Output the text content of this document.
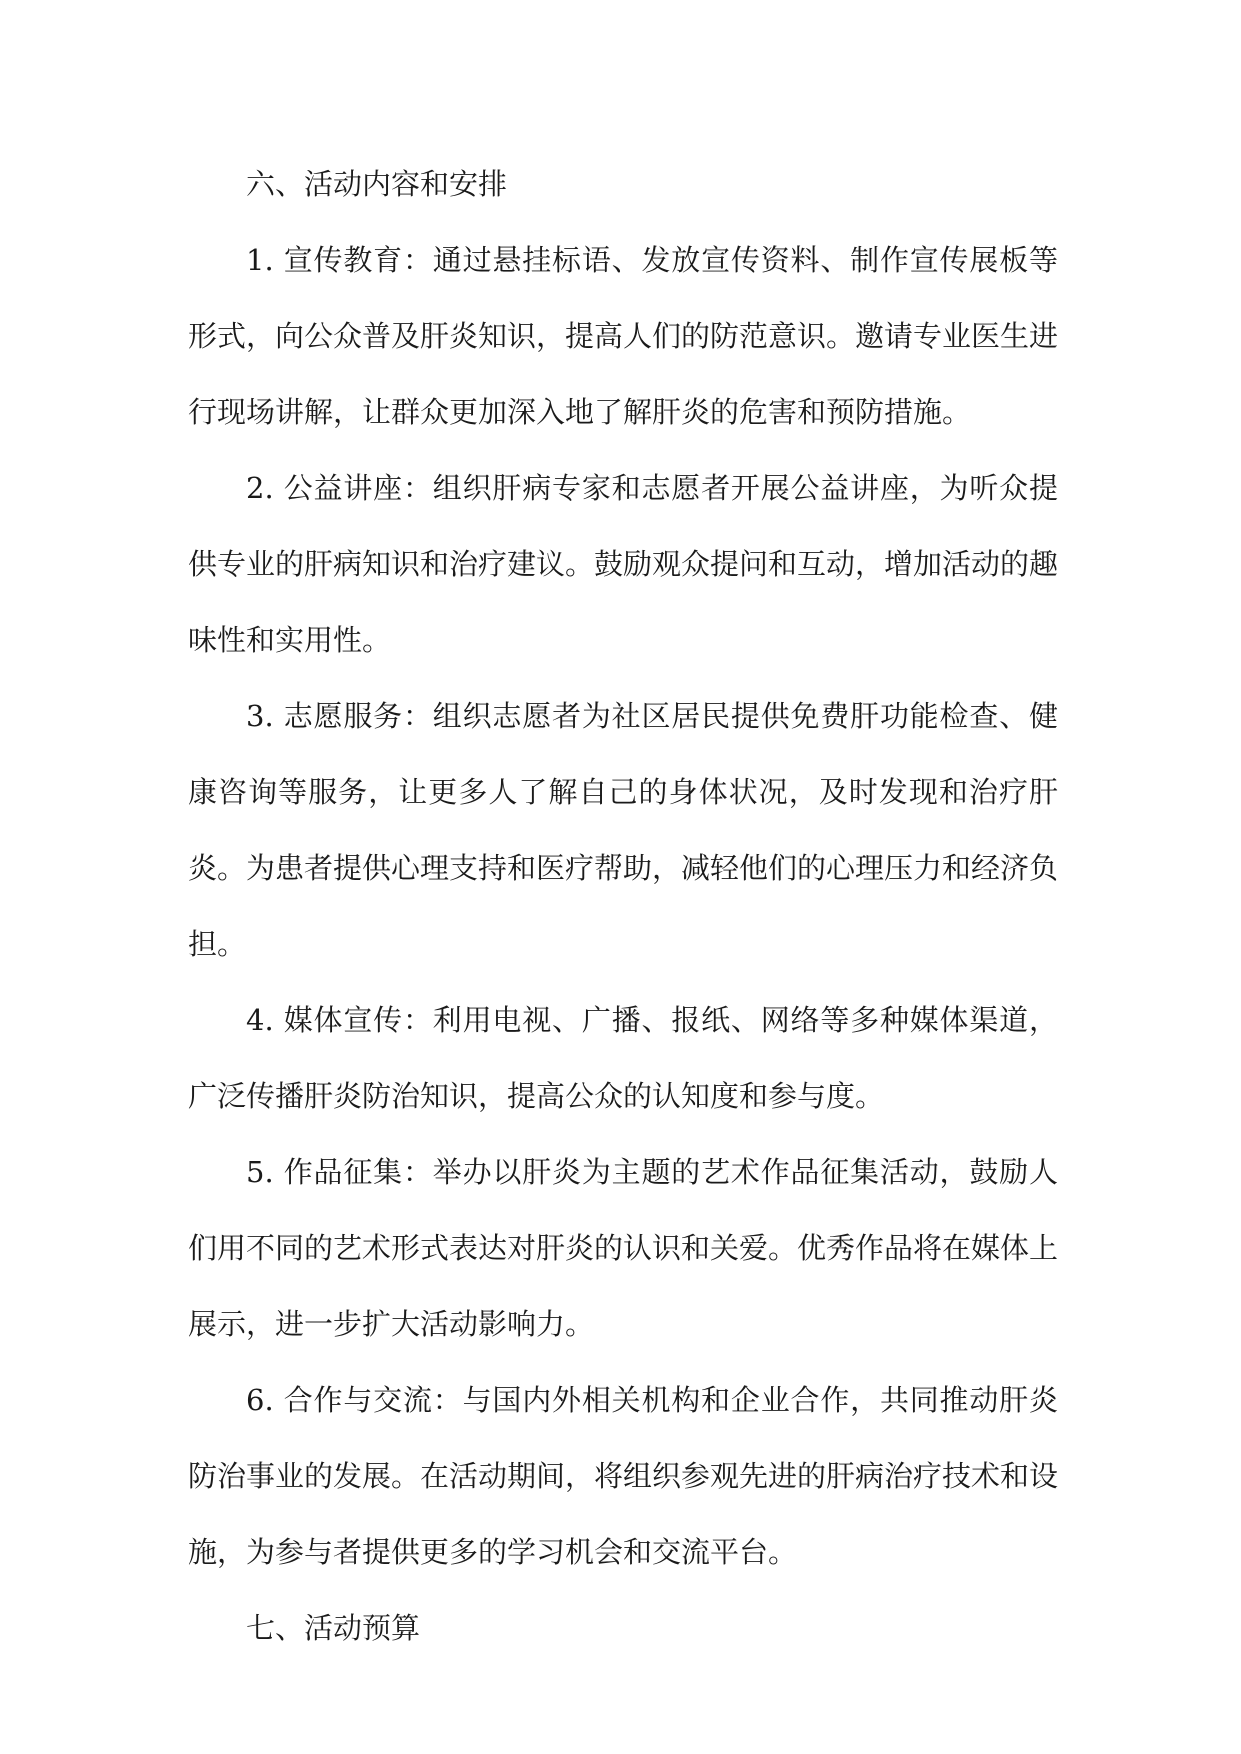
六、活动内容和安排

1. 宣传教育：通过悬挂标语、发放宣传资料、制作宣传展板等形式，向公众普及肝炎知识，提高人们的防范意识。邀请专业医生进行现场讲解，让群众更加深入地了解肝炎的危害和预防措施。

2. 公益讲座：组织肝病专家和志愿者开展公益讲座，为听众提供专业的肝病知识和治疗建议。鼓励观众提问和互动，增加活动的趣味性和实用性。

3. 志愿服务：组织志愿者为社区居民提供免费肝功能检查、健康咨询等服务，让更多人了解自己的身体状况，及时发现和治疗肝炎。为患者提供心理支持和医疗帮助，减轻他们的心理压力和经济负担。

4. 媒体宣传：利用电视、广播、报纸、网络等多种媒体渠道，广泛传播肝炎防治知识，提高公众的认知度和参与度。

5. 作品征集：举办以肝炎为主题的艺术作品征集活动，鼓励人们用不同的艺术形式表达对肝炎的认识和关爱。优秀作品将在媒体上展示，进一步扩大活动影响力。

6. 合作与交流：与国内外相关机构和企业合作，共同推动肝炎防治事业的发展。在活动期间，将组织参观先进的肝病治疗技术和设施，为参与者提供更多的学习机会和交流平台。

七、活动预算
